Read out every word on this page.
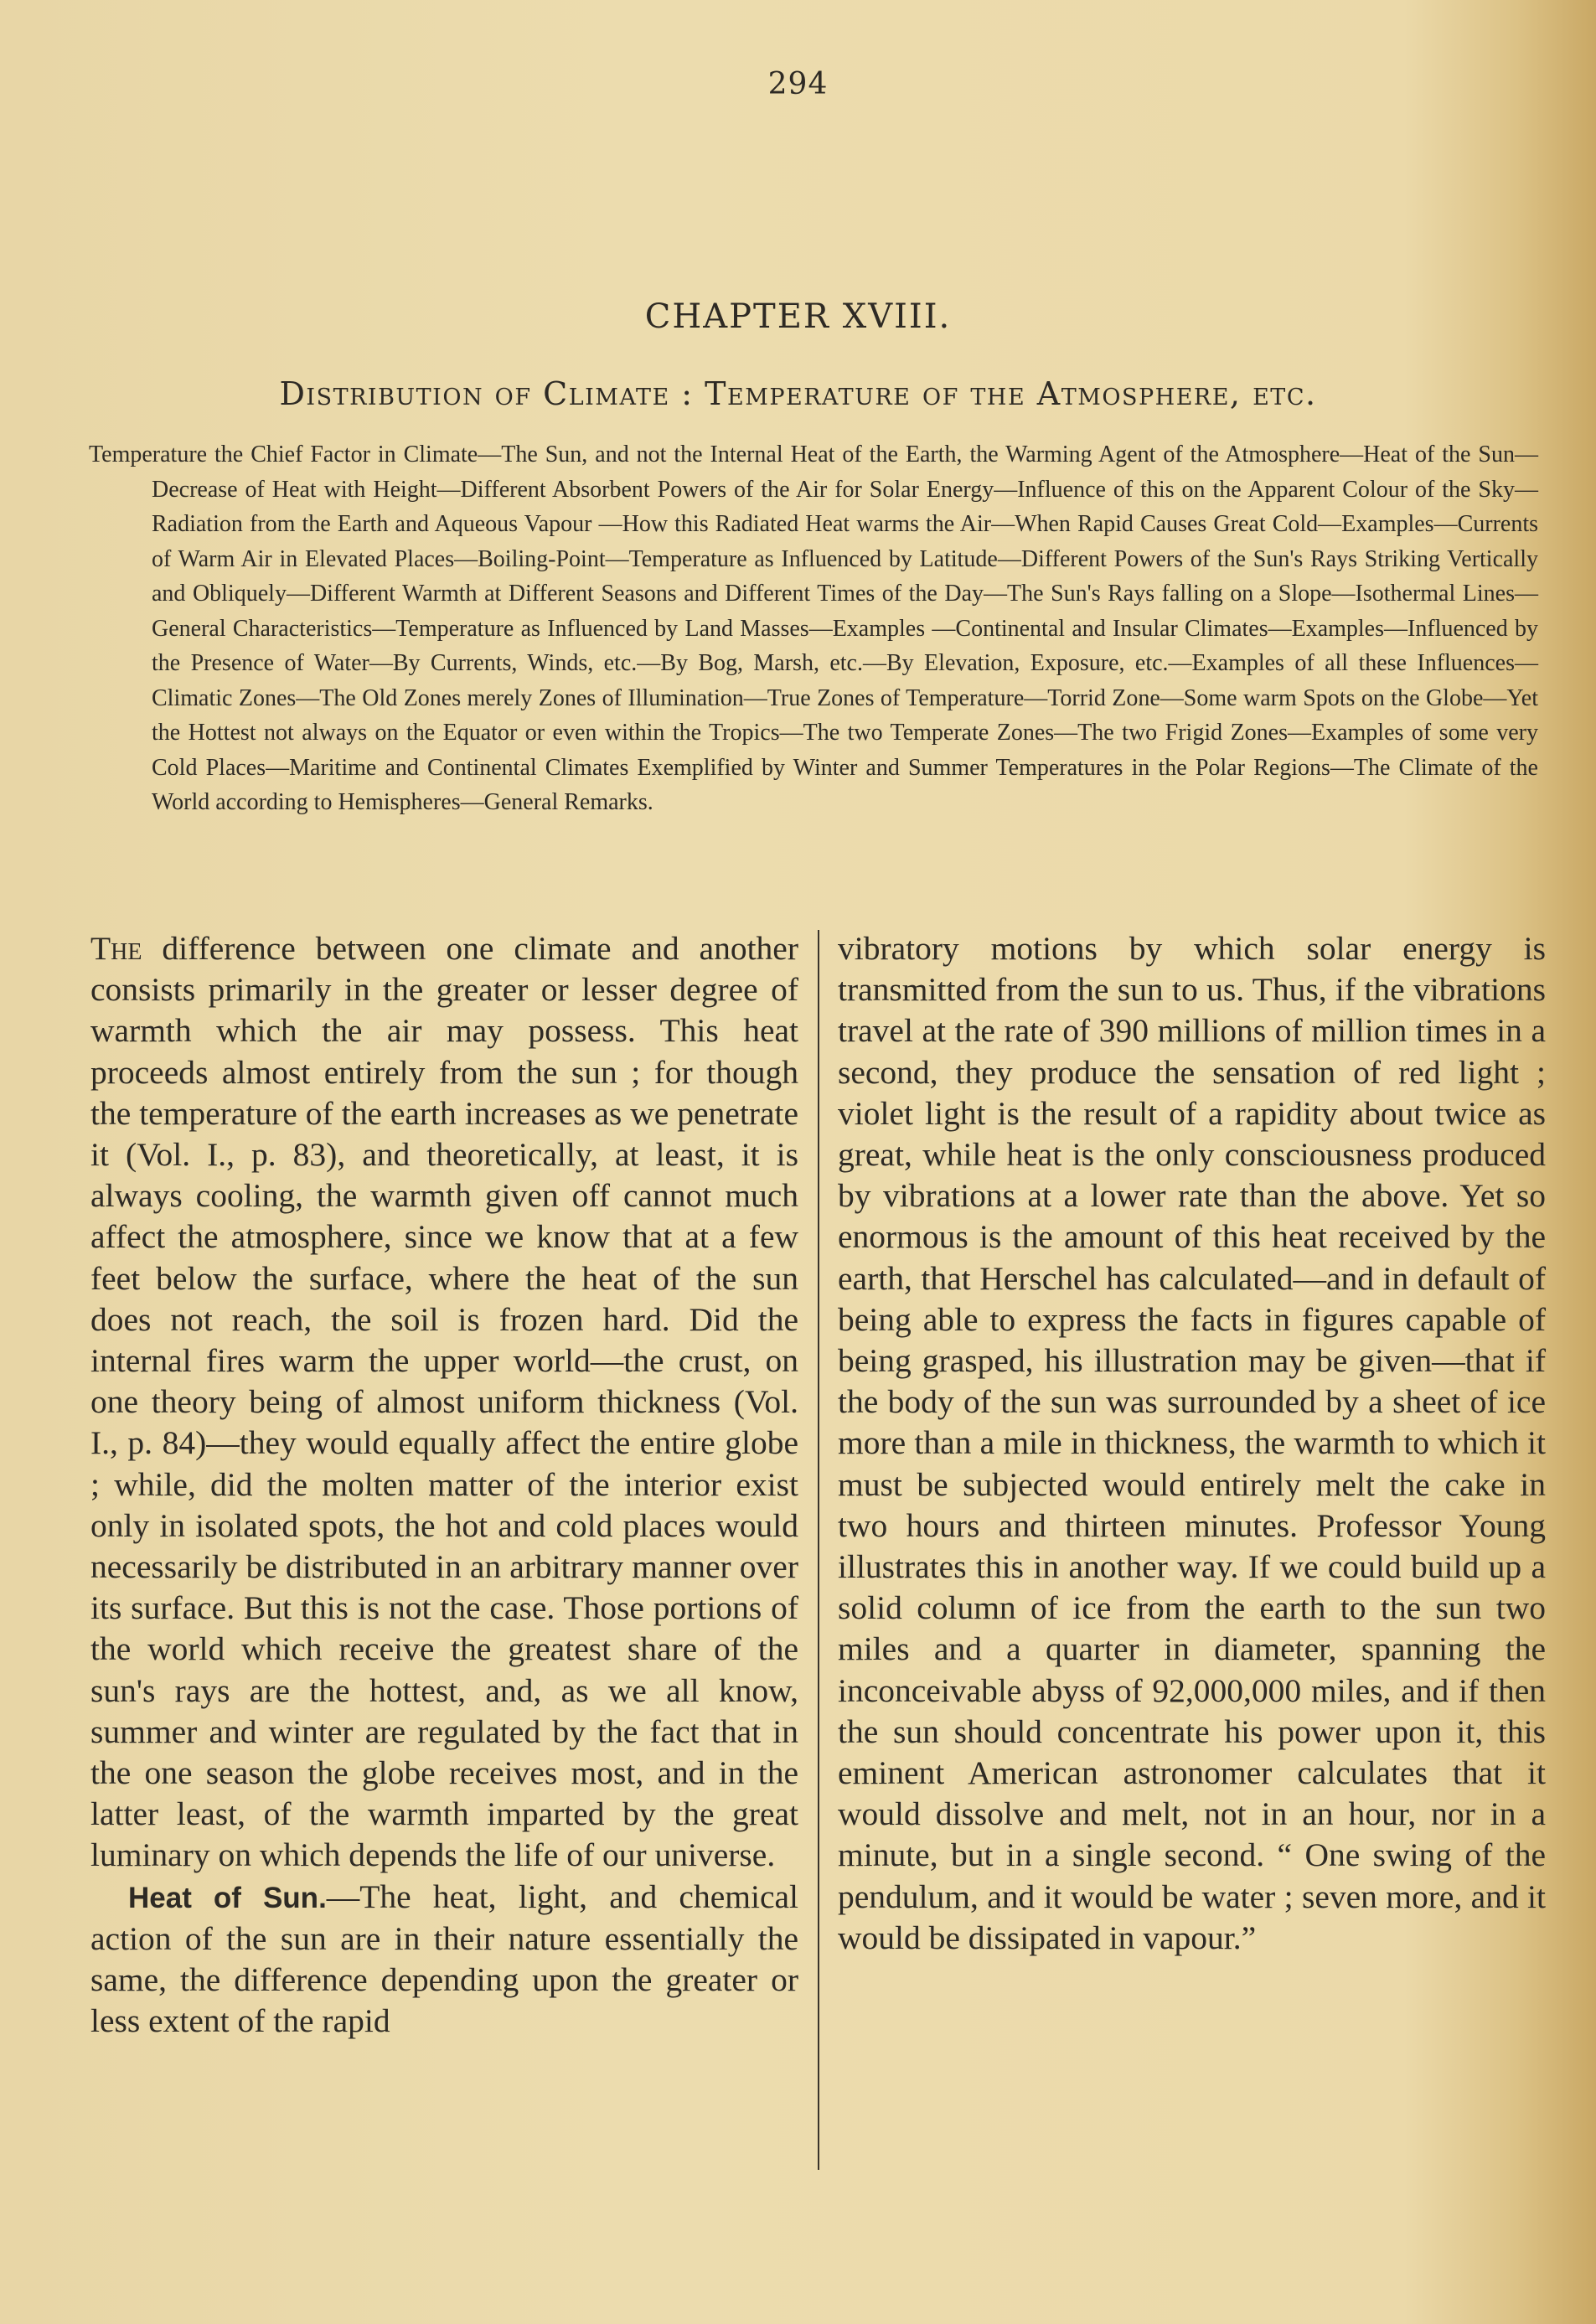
294
CHAPTER XVIII.
Distribution of Climate : Temperature of the Atmosphere, etc.
Temperature the Chief Factor in Climate—The Sun, and not the Internal Heat of the Earth, the Warming Agent of the Atmosphere—Heat of the Sun—Decrease of Heat with Height—Different Absorbent Powers of the Air for Solar Energy—Influence of this on the Apparent Colour of the Sky—Radiation from the Earth and Aqueous Vapour —How this Radiated Heat warms the Air—When Rapid Causes Great Cold—Examples—Currents of Warm Air in Elevated Places—Boiling-Point—Temperature as Influenced by Latitude—Different Powers of the Sun's Rays Striking Vertically and Obliquely—Different Warmth at Different Seasons and Different Times of the Day—The Sun's Rays falling on a Slope—Isothermal Lines—General Characteristics—Temperature as Influenced by Land Masses—Examples —Continental and Insular Climates—Examples—Influenced by the Presence of Water—By Currents, Winds, etc.—By Bog, Marsh, etc.—By Elevation, Exposure, etc.—Examples of all these Influences—Climatic Zones—The Old Zones merely Zones of Illumination—True Zones of Temperature—Torrid Zone—Some warm Spots on the Globe—Yet the Hottest not always on the Equator or even within the Tropics—The two Temperate Zones—The two Frigid Zones—Examples of some very Cold Places—Maritime and Continental Climates Exemplified by Winter and Summer Temperatures in the Polar Regions—The Climate of the World according to Hemispheres—General Remarks.

The difference between one climate and another consists primarily in the greater or lesser degree of warmth which the air may possess. This heat proceeds almost entirely from the sun ; for though the temperature of the earth increases as we penetrate it (Vol. I., p. 83), and theoretically, at least, it is always cooling, the warmth given off cannot much affect the atmosphere, since we know that at a few feet below the surface, where the heat of the sun does not reach, the soil is frozen hard. Did the internal fires warm the upper world—the crust, on one theory being of almost uniform thickness (Vol. I., p. 84)—they would equally affect the entire globe ; while, did the molten matter of the interior exist only in isolated spots, the hot and cold places would necessarily be distributed in an arbitrary manner over its surface. But this is not the case. Those portions of the world which receive the greatest share of the sun's rays are the hottest, and, as we all know, summer and winter are regulated by the fact that in the one season the globe receives most, and in the latter least, of the warmth imparted by the great luminary on which depends the life of our universe.

Heat of Sun.—The heat, light, and chemical action of the sun are in their nature essentially the same, the difference depending upon the greater or less extent of the rapid

vibratory motions by which solar energy is transmitted from the sun to us. Thus, if the vibrations travel at the rate of 390 millions of million times in a second, they produce the sensation of red light ; violet light is the result of a rapidity about twice as great, while heat is the only consciousness produced by vibrations at a lower rate than the above. Yet so enormous is the amount of this heat received by the earth, that Herschel has calculated—and in default of being able to express the facts in figures capable of being grasped, his illustration may be given—that if the body of the sun was surrounded by a sheet of ice more than a mile in thickness, the warmth to which it must be subjected would entirely melt the cake in two hours and thirteen minutes. Professor Young illustrates this in another way. If we could build up a solid column of ice from the earth to the sun two miles and a quarter in diameter, spanning the inconceivable abyss of 92,000,000 miles, and if then the sun should concentrate his power upon it, this eminent American astronomer calculates that it would dissolve and melt, not in an hour, nor in a minute, but in a single second. “ One swing of the pendulum, and it would be water ; seven more, and it would be dissipated in vapour.”
